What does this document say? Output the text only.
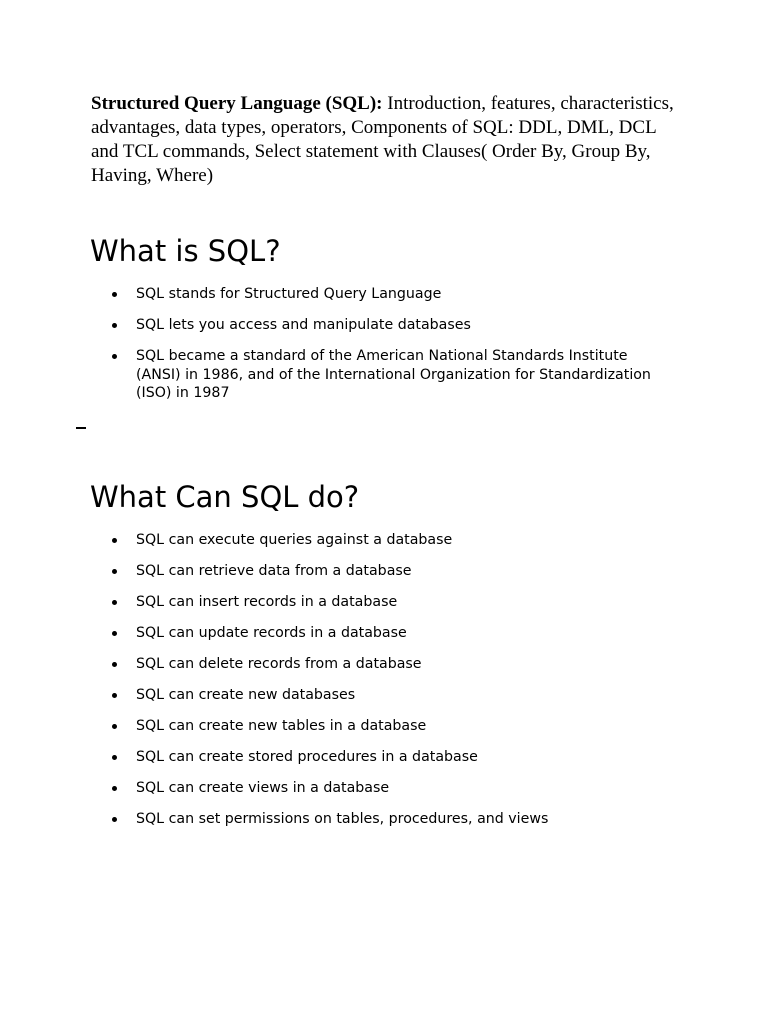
Structured Query Language (SQL): Introduction, features, characteristics, advantages, data types, operators, Components of SQL: DDL, DML, DCL and TCL commands, Select statement with Clauses( Order By, Group By, Having, Where)

What is SQL?
SQL stands for Structured Query Language
SQL lets you access and manipulate databases
SQL became a standard of the American National Standards Institute (ANSI) in 1986, and of the International Organization for Standardization (ISO) in 1987
What Can SQL do?
SQL can execute queries against a database
SQL can retrieve data from a database
SQL can insert records in a database
SQL can update records in a database
SQL can delete records from a database
SQL can create new databases
SQL can create new tables in a database
SQL can create stored procedures in a database
SQL can create views in a database
SQL can set permissions on tables, procedures, and views
